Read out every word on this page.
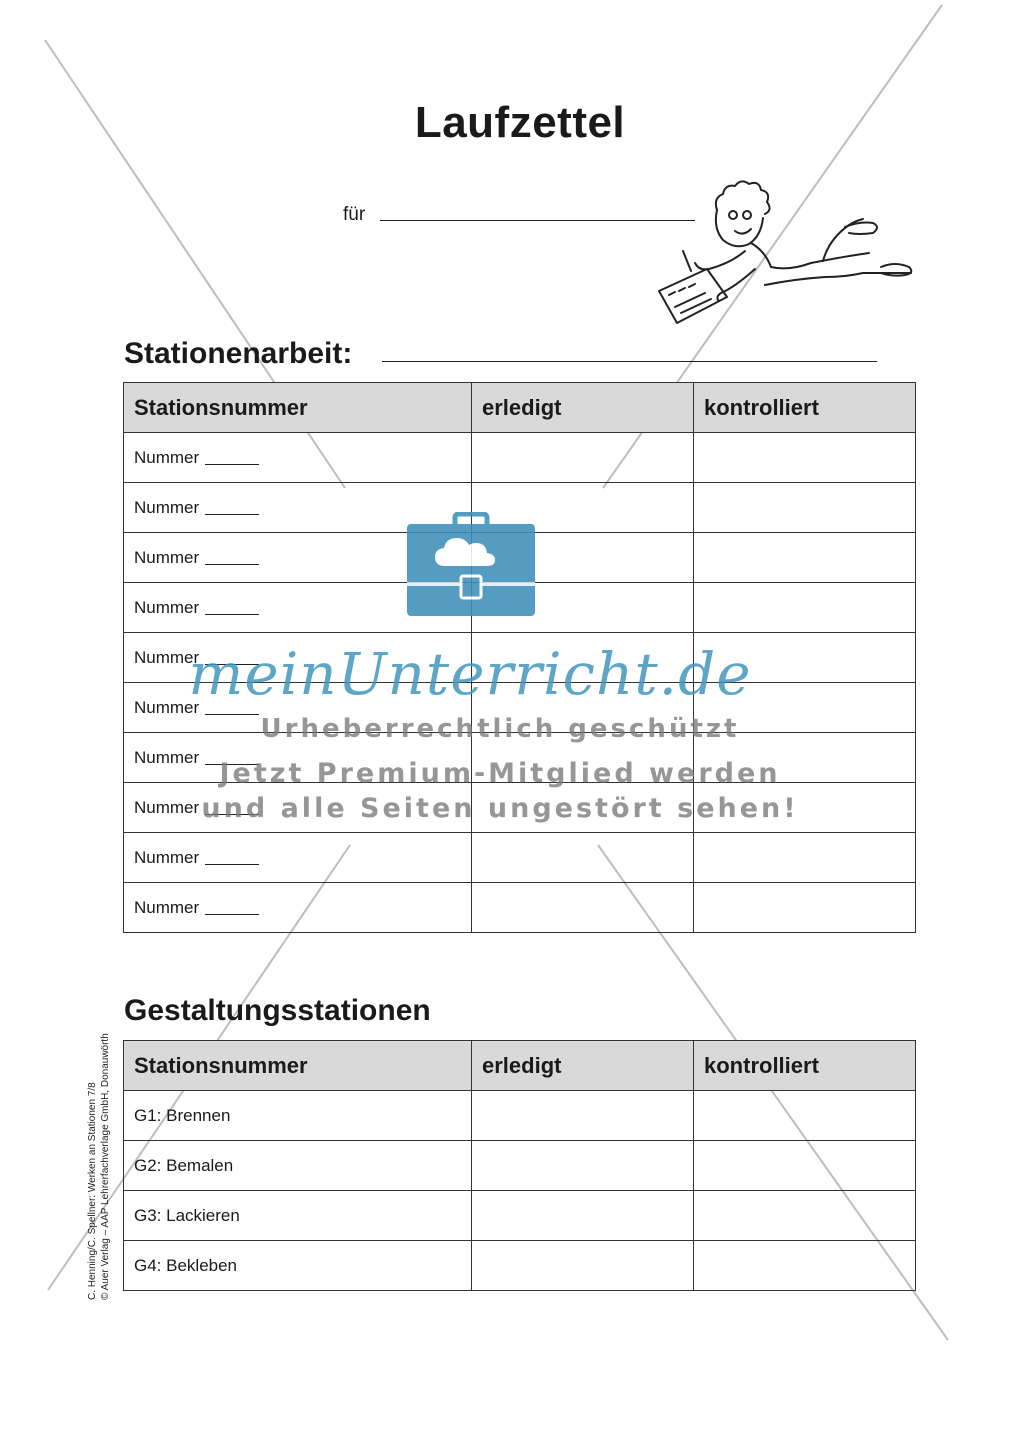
Laufzettel
für
Stationenarbeit:
Stationsnummer	erledigt	kontrolliert
Nummer		
Nummer		
Nummer		
Nummer		
Nummer		
Nummer		
Nummer		
Nummer		
Nummer		
Nummer		
Gestaltungsstationen
Stationsnummer	erledigt	kontrolliert
G1: Brennen		
G2: Bemalen		
G3: Lackieren		
G4: Bekleben		
C. Henning/C. Spellner: Werken an Stationen 7/8 © Auer Verlag – AAP Lehrerfachverlage GmbH, Donauwörth
meinUnterricht.de
Urheberrechtlich geschützt
Jetzt Premium-Mitglied werden
und alle Seiten ungestört sehen!
